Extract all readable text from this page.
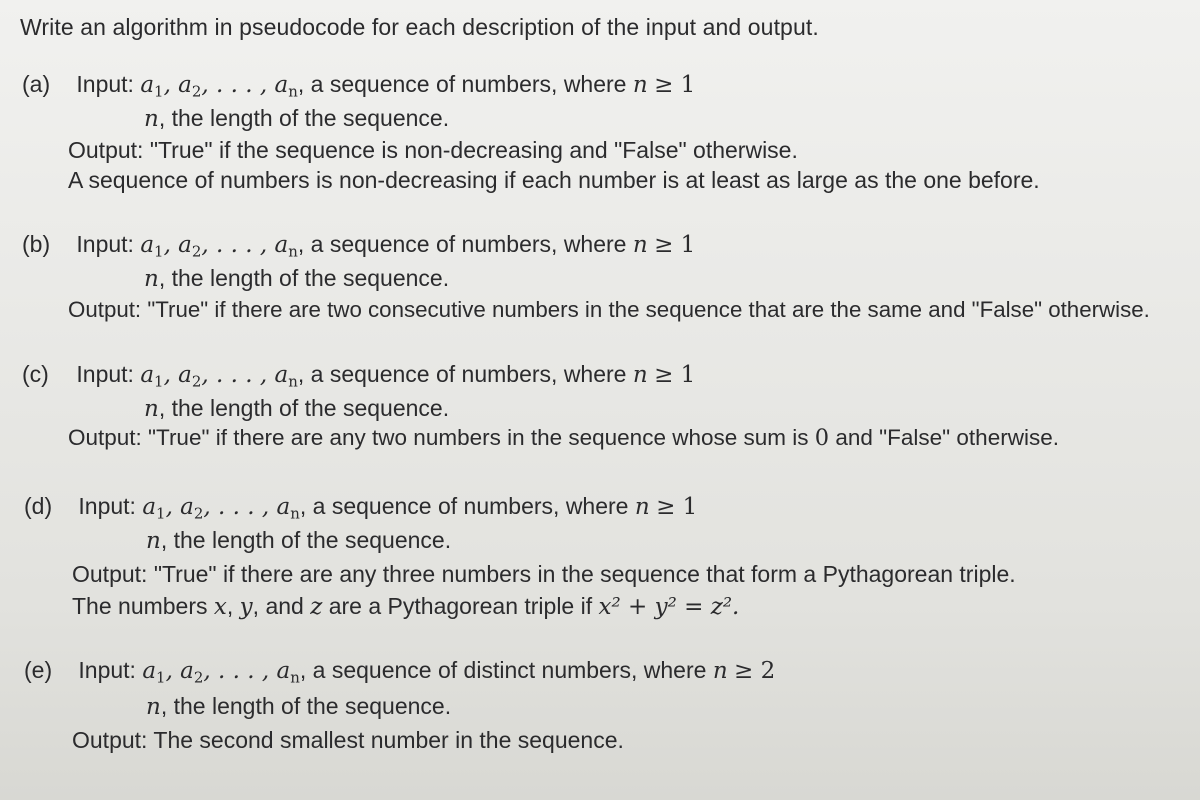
Write an algorithm in pseudocode for each description of the input and output.
(a) Input: $a_1$, $a_2$, . . . , $a_n$, a sequence of numbers, where n ≥ 1
n, the length of the sequence.
Output: "True" if the sequence is non-decreasing and "False" otherwise.
A sequence of numbers is non-decreasing if each number is at least as large as the one before.
(b) Input: $a_1$, $a_2$, . . . , $a_n$, a sequence of numbers, where n ≥ 1
n, the length of the sequence.
Output: "True" if there are two consecutive numbers in the sequence that are the same and "False" otherwise.
(c) Input: $a_1$, $a_2$, . . . , $a_n$, a sequence of numbers, where n ≥ 1
n, the length of the sequence.
Output: "True" if there are any two numbers in the sequence whose sum is 0 and "False" otherwise.
(d) Input: $a_1$, $a_2$, . . . , $a_n$, a sequence of numbers, where n ≥ 1
n, the length of the sequence.
Output: "True" if there are any three numbers in the sequence that form a Pythagorean triple.
The numbers x, y, and z are a Pythagorean triple if x² + y² = z².
(e) Input: $a_1$, $a_2$, . . . , $a_n$, a sequence of distinct numbers, where n ≥ 2
n, the length of the sequence.
Output: The second smallest number in the sequence.
